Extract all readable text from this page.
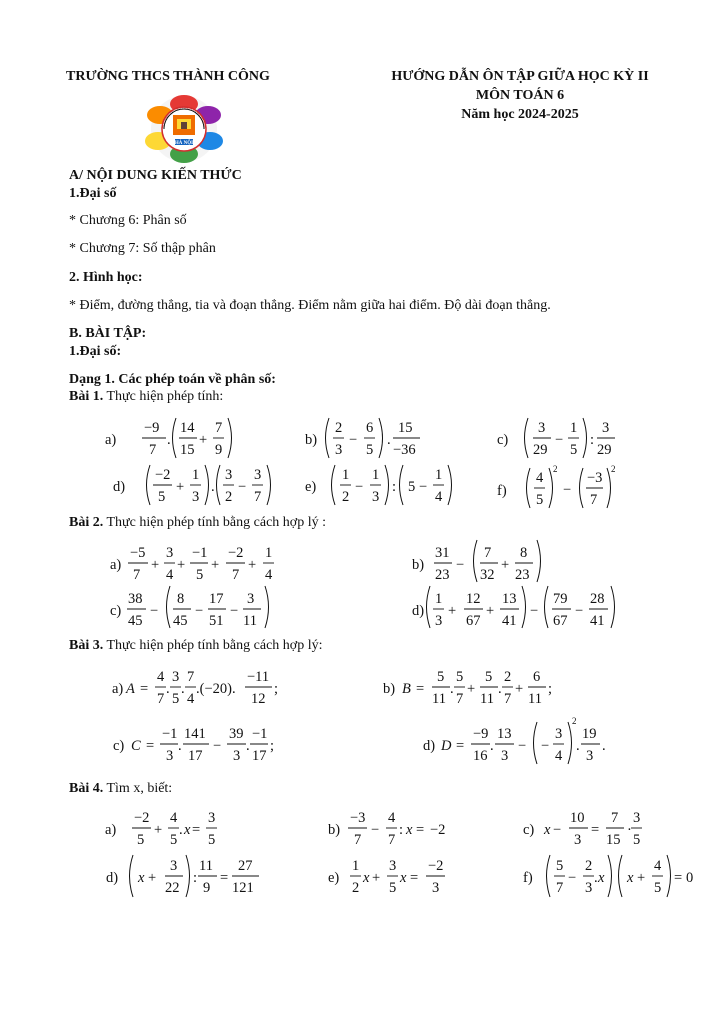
TRƯỜNG THCS THÀNH CÔNG	HƯỚNG DẪN ÔN TẬP GIỮA HỌC KỲ II
MÔN TOÁN 6
Năm học 2024-2025
HÀ NỘI
TRƯỜNG TRUNG HỌC CƠ SỞ THÀNH CÔNG
A/ NỘI DUNG KIẾN THỨC
1.Đại số
* Chương 6: Phân số
* Chương 7: Số thập phân
2. Hình học:
* Điểm, đường thẳng, tia và đoạn thẳng. Điểm nằm giữa hai điểm. Độ dài đoạn thẳng.
B. BÀI TẬP:
1.Đại số:
Dạng 1. Các phép toán về phân số:
Bài 1. Thực hiện phép tính:
a)
−9
7
.
14
15
+
7
9
b)
2
3
−
6
5
.
15
−36
c)
3
29
−
1
5
:
3
29
d)
−2
5
+
1
3
.
3
2
−
3
7
e)
1
2
−
1
3
: 5 −
1
4	f)
4
5
2
−
−3
7
2
Bài 2. Thực hiện phép tính bằng cách hợp lý :
a)
−5
7
+
3
4
+
−1
5
+
−2
7
+
1
4
b)
31
23
−
7
32
+
8
23
c)
38
45
−
8
45
−
17
51
−
3
11
d)
1
3
+
12
67
+
13
41
−
79
67
−
28
41
Bài 3. Thực hiện phép tính bằng cách hợp lý:
a) A =
4
7
.
3
5
.
7
4
.(−20).
−11
12
;	b) B =
5
11
.
5
7
+
5
11
.
2
7
+
6
11
;
c) C =
−1
3
.
141
17
−
39
3
.
−1
17
;	d) D =
−9
16
.
13
3
− −
3
4
2
.
19
3
.
Bài 4. Tìm x, biết:
a)
−2
5
+
4
5
. x =
3
5
b)
−3
7
−
4
7
: x = −2	c) x −
10
3
=
7
15
·
3
5
d) x +
3
22
:
11
9
=
27
121
e)
1
2
x +
3
5
x =
−2
3
f)
5
7
−
2
3
. x x +
4
5
= 0
